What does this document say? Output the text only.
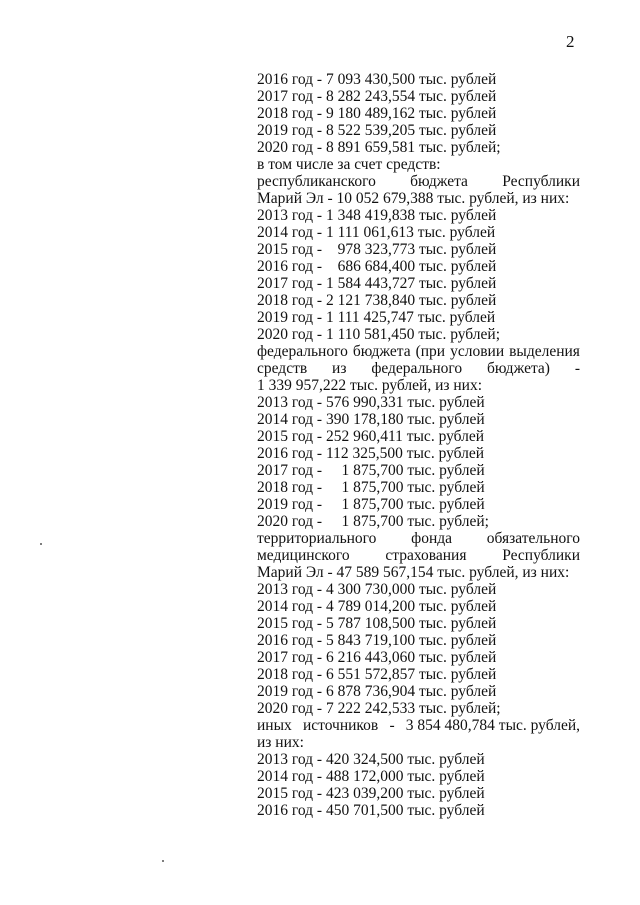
2
2016 год - 7 093 430,500 тыс. рублей
2017 год - 8 282 243,554 тыс. рублей
2018 год - 9 180 489,162 тыс. рублей
2019 год - 8 522 539,205 тыс. рублей
2020 год - 8 891 659,581 тыс. рублей;
в том числе за счет средств:
республиканского бюджета Республики
Марий Эл - 10 052 679,388 тыс. рублей, из них:
2013 год - 1 348 419,838 тыс. рублей
2014 год - 1 111 061,613 тыс. рублей
2015 год -    978 323,773 тыс. рублей
2016 год -    686 684,400 тыс. рублей
2017 год - 1 584 443,727 тыс. рублей
2018 год - 2 121 738,840 тыс. рублей
2019 год - 1 111 425,747 тыс. рублей
2020 год - 1 110 581,450 тыс. рублей;
федерального бюджета (при условии выделения
средств из федерального бюджета) -
1 339 957,222 тыс. рублей, из них:
2013 год - 576 990,331 тыс. рублей
2014 год - 390 178,180 тыс. рублей
2015 год - 252 960,411 тыс. рублей
2016 год - 112 325,500 тыс. рублей
2017 год -     1 875,700 тыс. рублей
2018 год -     1 875,700 тыс. рублей
2019 год -     1 875,700 тыс. рублей
2020 год -     1 875,700 тыс. рублей;
территориального фонда обязательного
медицинского страхования Республики
Марий Эл - 47 589 567,154 тыс. рублей, из них:
2013 год - 4 300 730,000 тыс. рублей
2014 год - 4 789 014,200 тыс. рублей
2015 год - 5 787 108,500 тыс. рублей
2016 год - 5 843 719,100 тыс. рублей
2017 год - 6 216 443,060 тыс. рублей
2018 год - 6 551 572,857 тыс. рублей
2019 год - 6 878 736,904 тыс. рублей
2020 год - 7 222 242,533 тыс. рублей;
иных источников - 3 854 480,784 тыс. рублей,
из них:
2013 год - 420 324,500 тыс. рублей
2014 год - 488 172,000 тыс. рублей
2015 год - 423 039,200 тыс. рублей
2016 год - 450 701,500 тыс. рублей
